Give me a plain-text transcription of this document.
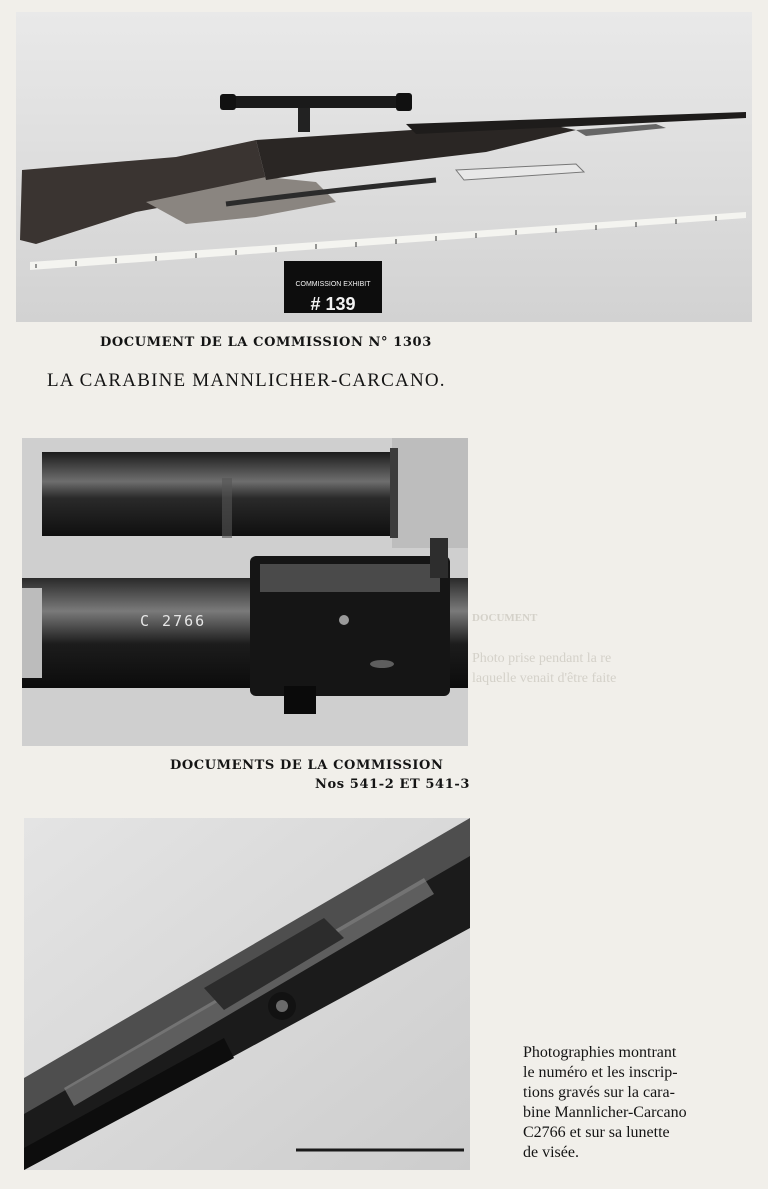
COMMISSION EXHIBIT
# 139
DOCUMENT DE LA COMMISSION N° 1303
LA CARABINE MANNLICHER-CARCANO.
C 2766
DOCUMENTS DE LA COMMISSION
Nos 541-2 ET 541-3
Photographies montrant
le numéro et les inscrip-
tions gravés sur la cara-
bine Mannlicher-Carcano
C2766 et sur sa lunette
de visée.
DOCUMENT
Photo prise pendant la re
laquelle venait d'être faite
